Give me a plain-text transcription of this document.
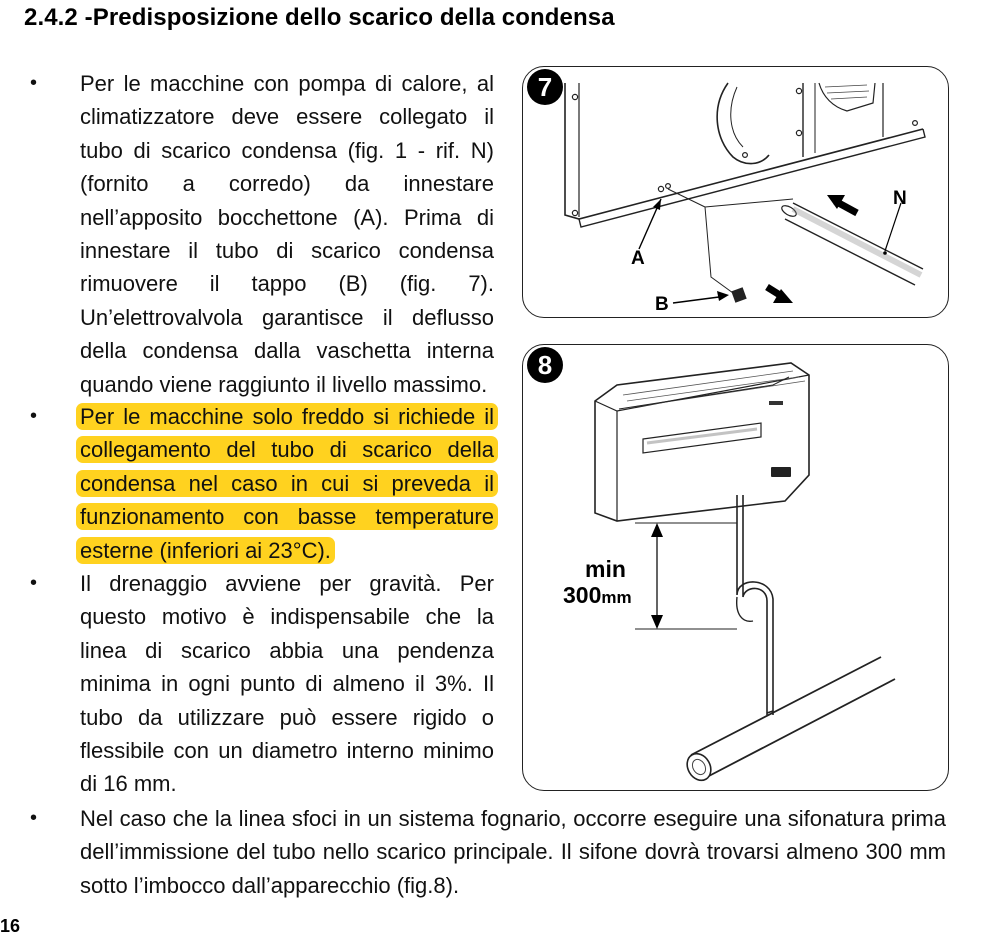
2.4.2 -Predisposizione dello scarico della condensa
• Per le macchine con pompa di calore, al climatizzatore deve essere collegato il tubo di scarico condensa (fig. 1 - rif. N) (fornito a corredo) da innestare nell’apposito bocchettone (A). Prima di innestare il tubo di scarico condensa rimuovere il tappo (B) (fig. 7). Un’elettrovalvola garantisce il deflusso della condensa dalla vaschetta interna quando viene raggiunto il livello massimo.
• Per le macchine solo freddo si richiede il collegamento del tubo di scarico della condensa nel caso in cui si preveda il funzionamento con basse temperature esterne (inferiori ai 23°C).
• Il drenaggio avviene per gravità. Per questo motivo è indispensabile che la linea di scarico abbia una pendenza minima in ogni punto di almeno il 3%. Il tubo da utilizzare può essere rigido o flessibile con un diametro interno minimo di 16 mm.
• Nel caso che la linea sfoci in un sistema fognario, occorre eseguire una sifonatura prima dell’immissione del tubo nello scarico principale. Il sifone dovrà trovarsi almeno 300 mm sotto l’imbocco dall’apparecchio (fig.8).
A
B
N
7
min
300mm
8
16
